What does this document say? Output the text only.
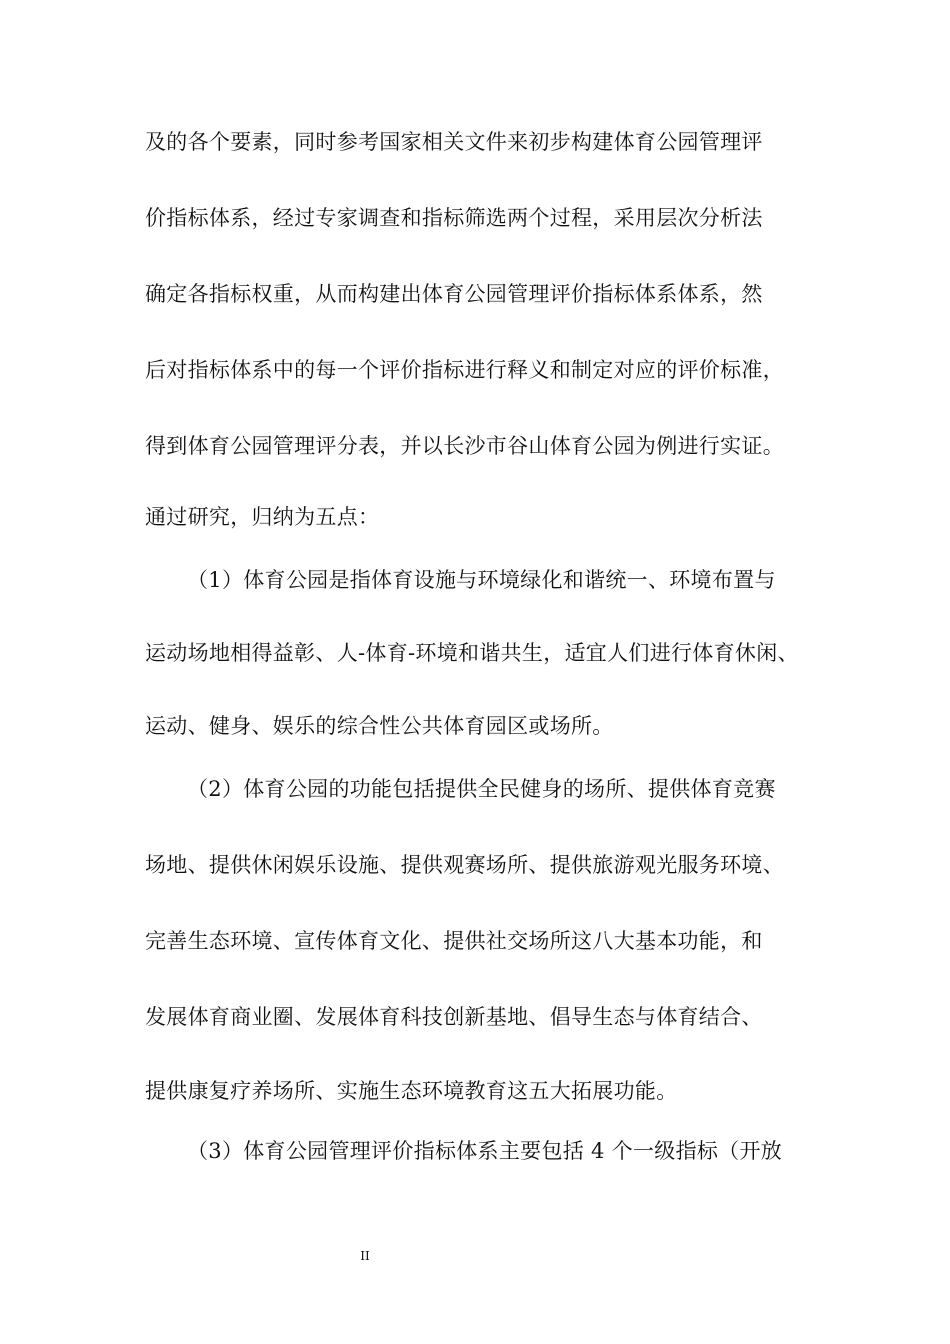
及的各个要素，同时参考国家相关文件来初步构建体育公园管理评
价指标体系，经过专家调查和指标筛选两个过程，采用层次分析法
确定各指标权重，从而构建出体育公园管理评价指标体系体系，然
后对指标体系中的每一个评价指标进行释义和制定对应的评价标准，
得到体育公园管理评分表，并以长沙市谷山体育公园为例进行实证。
通过研究，归纳为五点：
（1）体育公园是指体育设施与环境绿化和谐统一、环境布置与
运动场地相得益彰、人-体育-环境和谐共生，适宜人们进行体育休闲、
运动、健身、娱乐的综合性公共体育园区或场所。
（2）体育公园的功能包括提供全民健身的场所、提供体育竞赛
场地、提供休闲娱乐设施、提供观赛场所、提供旅游观光服务环境、
完善生态环境、宣传体育文化、提供社交场所这八大基本功能，和
发展体育商业圈、发展体育科技创新基地、倡导生态与体育结合、
提供康复疗养场所、实施生态环境教育这五大拓展功能。
（3）体育公园管理评价指标体系主要包括 4 个一级指标（开放
II
